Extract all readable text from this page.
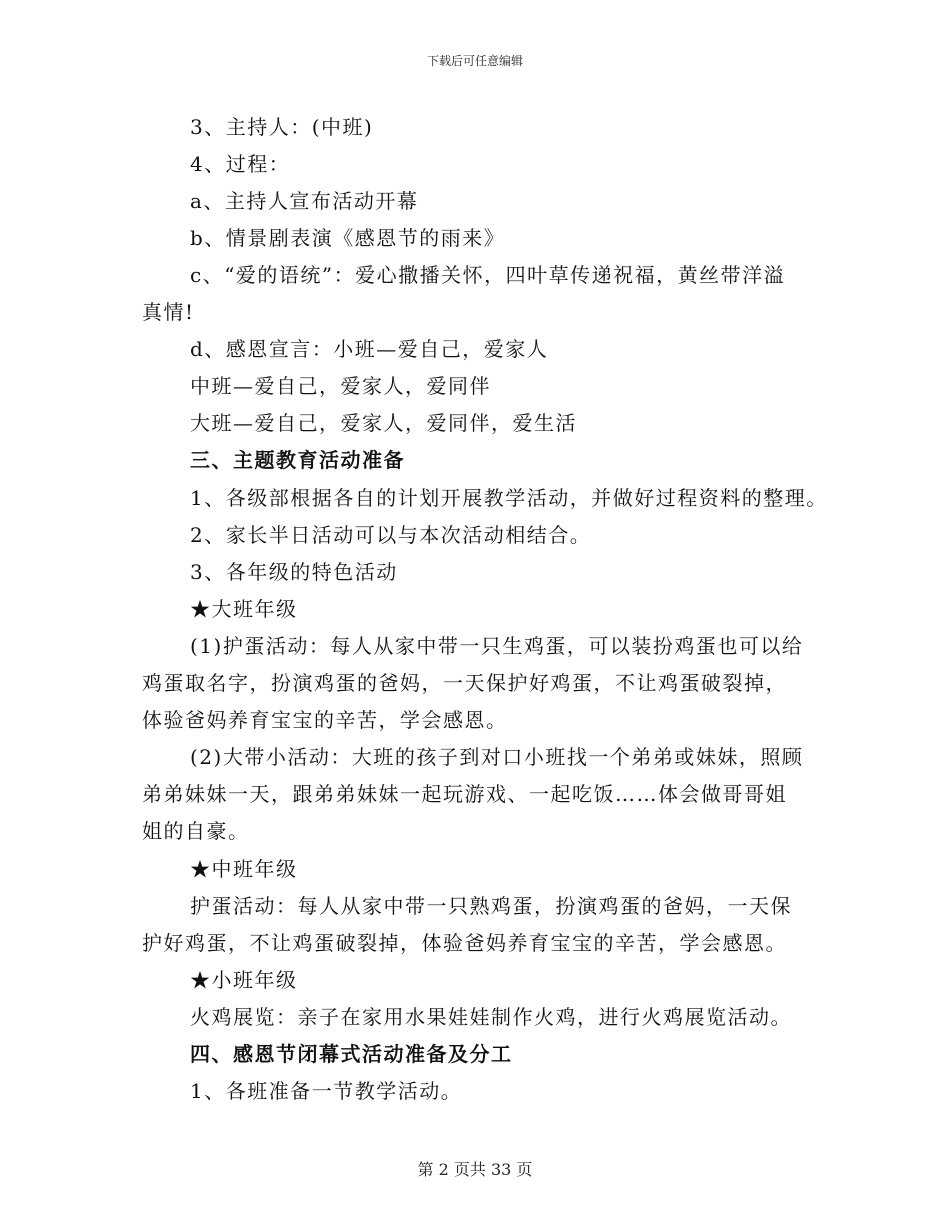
下载后可任意编辑
3、主持人：(中班)
4、过程：
a、主持人宣布活动开幕
b、情景剧表演《感恩节的雨来》
c、“爱的语统”：爱心撒播关怀，四叶草传递祝福，黄丝带洋溢
真情!
d、感恩宣言：小班—爱自己，爱家人
中班—爱自己，爱家人，爱同伴
大班—爱自己，爱家人，爱同伴，爱生活
三、主题教育活动准备
1、各级部根据各自的计划开展教学活动，并做好过程资料的整理。
2、家长半日活动可以与本次活动相结合。
3、各年级的特色活动
★大班年级
(1)护蛋活动：每人从家中带一只生鸡蛋，可以装扮鸡蛋也可以给
鸡蛋取名字，扮演鸡蛋的爸妈，一天保护好鸡蛋，不让鸡蛋破裂掉，
体验爸妈养育宝宝的辛苦，学会感恩。
(2)大带小活动：大班的孩子到对口小班找一个弟弟或妹妹，照顾
弟弟妹妹一天，跟弟弟妹妹一起玩游戏、一起吃饭……体会做哥哥姐
姐的自豪。
★中班年级
护蛋活动：每人从家中带一只熟鸡蛋，扮演鸡蛋的爸妈，一天保
护好鸡蛋，不让鸡蛋破裂掉，体验爸妈养育宝宝的辛苦，学会感恩。
★小班年级
火鸡展览：亲子在家用水果娃娃制作火鸡，进行火鸡展览活动。
四、感恩节闭幕式活动准备及分工
1、各班准备一节教学活动。
第 2 页共 33 页
